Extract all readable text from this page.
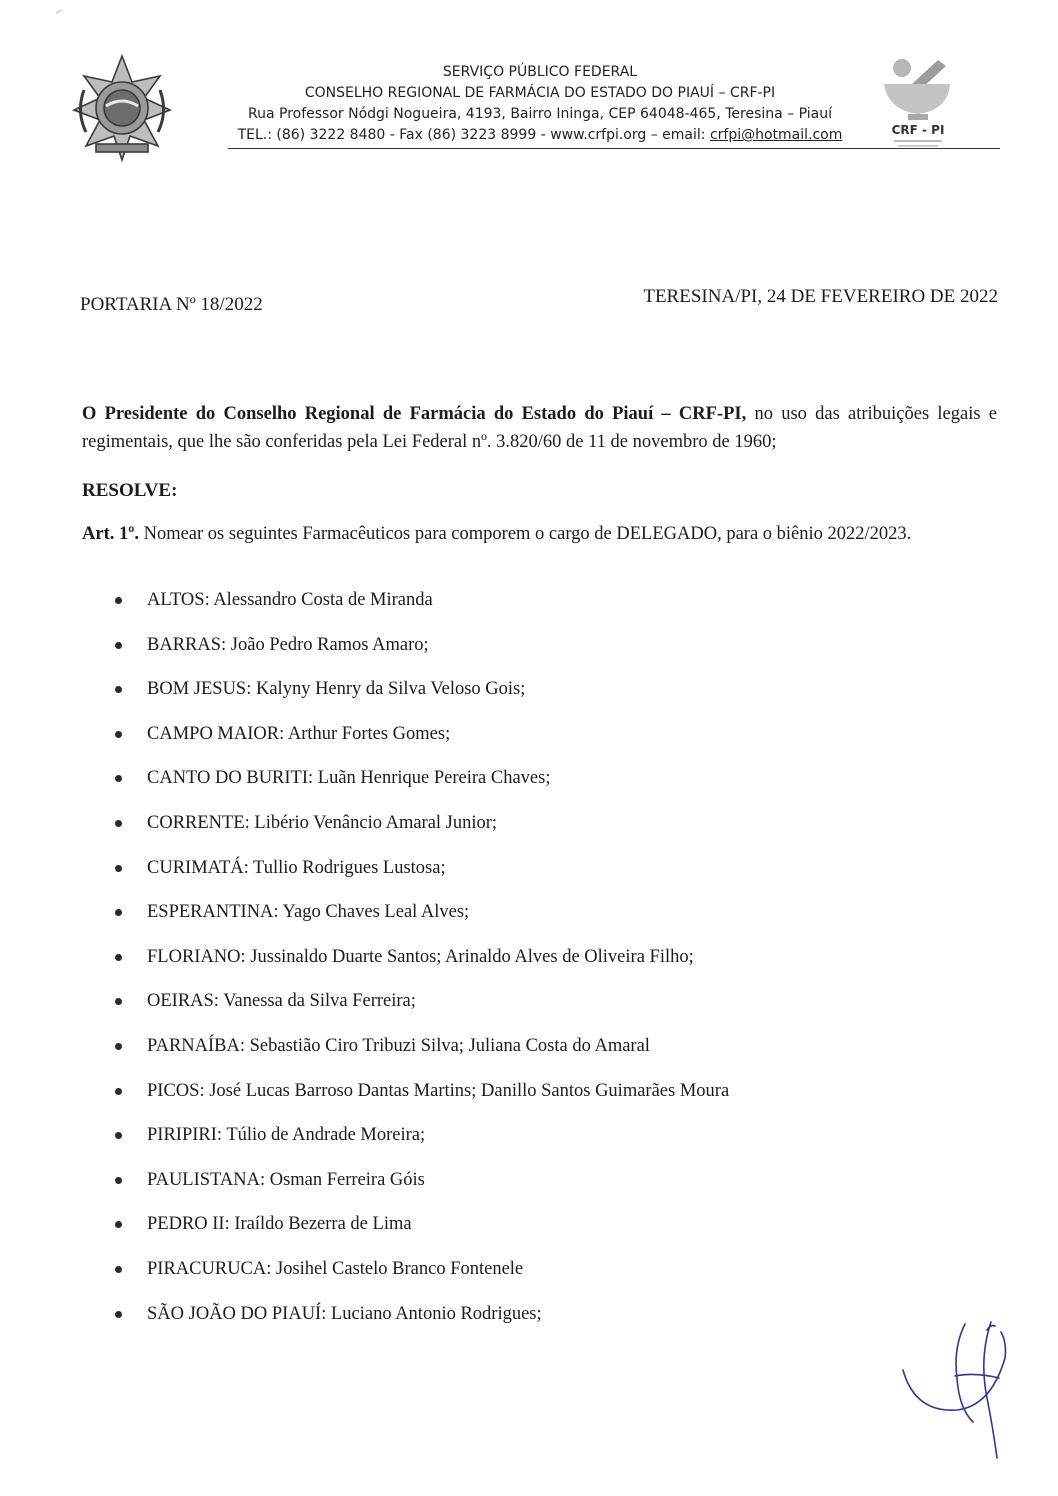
SERVIÇO PÚBLICO FEDERAL
CONSELHO REGIONAL DE FARMÁCIA DO ESTADO DO PIAUÍ – CRF-PI
Rua Professor Nódgi Nogueira, 4193, Bairro Ininga, CEP 64048-465, Teresina – Piauí
TEL.: (86) 3222 8480 - Fax (86) 3223 8999 - www.crfpi.org – email: crfpi@hotmail.com	CRF - PI
PORTARIA Nº 18/2022	TERESINA/PI, 24 DE FEVEREIRO DE 2022
O Presidente do Conselho Regional de Farmácia do Estado do Piauí – CRF-PI, no uso das atribuições legais e regimentais, que lhe são conferidas pela Lei Federal nº. 3.820/60 de 11 de novembro de 1960;
RESOLVE:
Art. 1º. Nomear os seguintes Farmacêuticos para comporem o cargo de DELEGADO, para o biênio 2022/2023.
ALTOS: Alessandro Costa de Miranda
BARRAS: João Pedro Ramos Amaro;
BOM JESUS: Kalyny Henry da Silva Veloso Gois;
CAMPO MAIOR: Arthur Fortes Gomes;
CANTO DO BURITI: Luãn Henrique Pereira Chaves;
CORRENTE: Libério Venâncio Amaral Junior;
CURIMATÁ: Tullio Rodrigues Lustosa;
ESPERANTINA: Yago Chaves Leal Alves;
FLORIANO: Jussinaldo Duarte Santos; Arinaldo Alves de Oliveira Filho;
OEIRAS: Vanessa da Silva Ferreira;
PARNAÍBA: Sebastião Ciro Tribuzi Silva; Juliana Costa do Amaral
PICOS: José Lucas Barroso Dantas Martins; Danillo Santos Guimarães Moura
PIRIPIRI: Túlio de Andrade Moreira;
PAULISTANA: Osman Ferreira Góis
PEDRO II: Iraíldo Bezerra de Lima
PIRACURUCA: Josihel Castelo Branco Fontenele
SÃO JOÃO DO PIAUÍ: Luciano Antonio Rodrigues;
